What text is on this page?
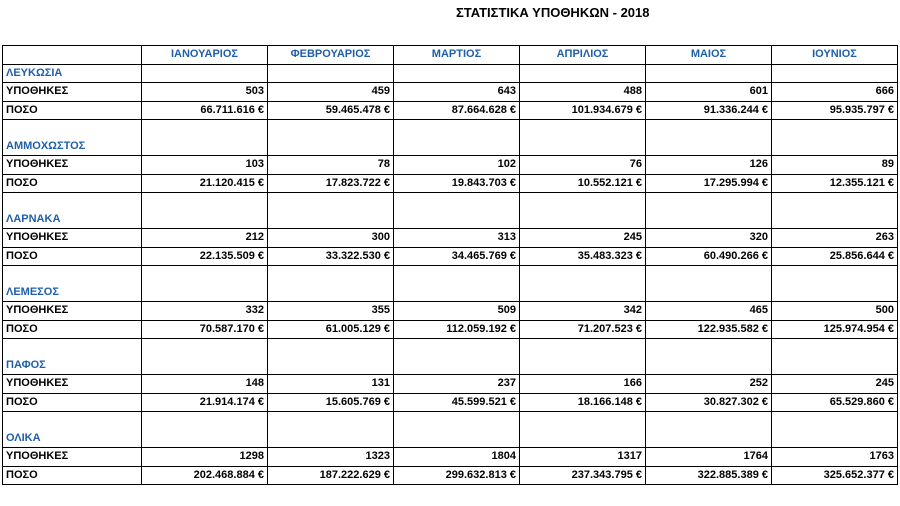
ΣΤΑΤΙΣΤΙΚΑ ΥΠΟΘΗΚΩΝ - 2018
	ΙΑΝΟΥΑΡΙΟΣ	ΦΕΒΡΟΥΑΡΙΟΣ	ΜΑΡΤΙΟΣ	ΑΠΡΙΛΙΟΣ	ΜΑΙΟΣ	ΙΟΥΝΙΟΣ
ΛΕΥΚΩΣΙΑ						
ΥΠΟΘΗΚΕΣ	503	459	643	488	601	666
ΠΟΣΟ	66.711.616 €	59.465.478 €	87.664.628 €	101.934.679 €	91.336.244 €	95.935.797 €

ΑΜΜΟΧΩΣΤΟΣ						
ΥΠΟΘΗΚΕΣ	103	78	102	76	126	89
ΠΟΣΟ	21.120.415 €	17.823.722 €	19.843.703 €	10.552.121 €	17.295.994 €	12.355.121 €

ΛΑΡΝΑΚΑ						
ΥΠΟΘΗΚΕΣ	212	300	313	245	320	263
ΠΟΣΟ	22.135.509 €	33.322.530 €	34.465.769 €	35.483.323 €	60.490.266 €	25.856.644 €

ΛΕΜΕΣΟΣ						
ΥΠΟΘΗΚΕΣ	332	355	509	342	465	500
ΠΟΣΟ	70.587.170 €	61.005.129 €	112.059.192 €	71.207.523 €	122.935.582 €	125.974.954 €

ΠΑΦΟΣ						
ΥΠΟΘΗΚΕΣ	148	131	237	166	252	245
ΠΟΣΟ	21.914.174 €	15.605.769 €	45.599.521 €	18.166.148 €	30.827.302 €	65.529.860 €

ΟΛΙΚΑ						
ΥΠΟΘΗΚΕΣ	1298	1323	1804	1317	1764	1763
ΠΟΣΟ	202.468.884 €	187.222.629 €	299.632.813 €	237.343.795 €	322.885.389 €	325.652.377 €
